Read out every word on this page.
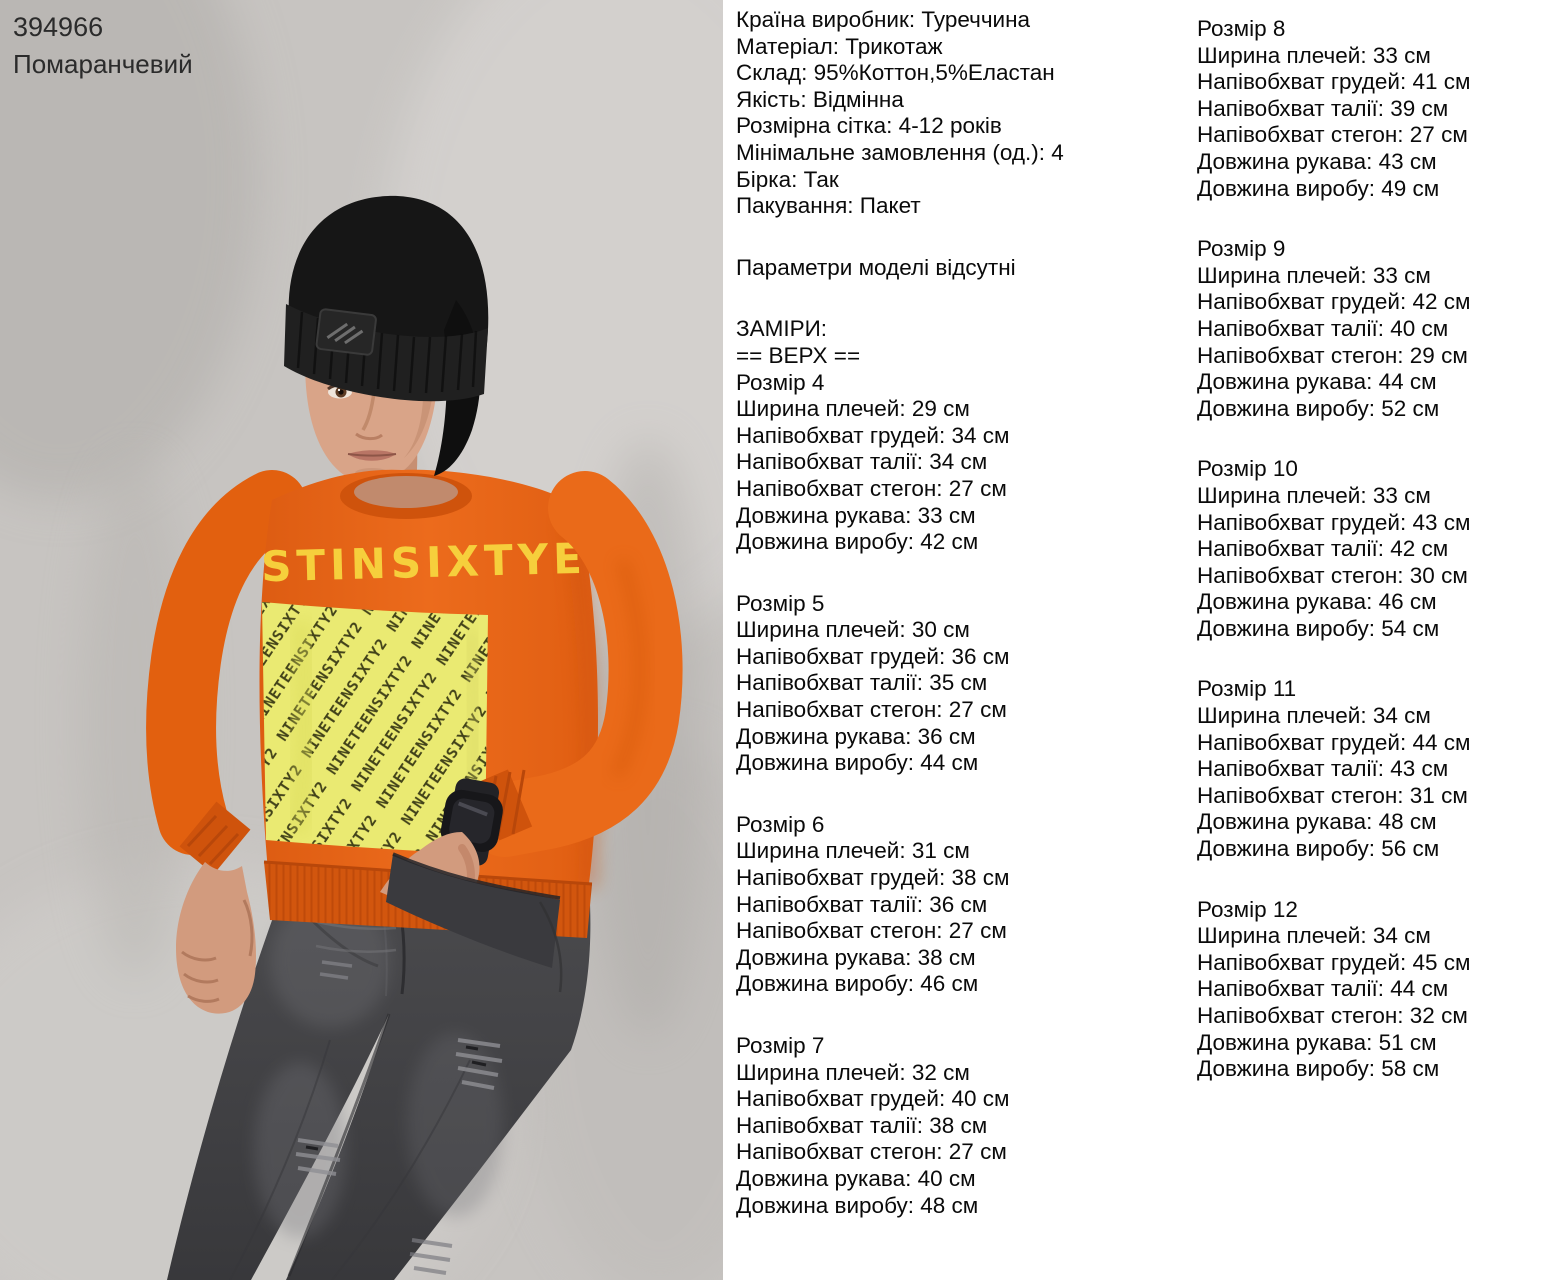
STINSIXTYE
394966
Помаранчевий
Країна виробник: Туреччина
Матеріал: Трикотаж
Склад: 95%Коттон,5%Еластан
Якість: Відмінна
Розмірна сітка: 4-12 років
Мінімальне замовлення (од.): 4
Бірка: Так
Пакування: Пакет
Параметри моделі відсутні
ЗАМІРИ:
== ВЕРХ ==
Розмір 4
Ширина плечей: 29 см
Напівобхват грудей: 34 см
Напівобхват талії: 34 см
Напівобхват стегон: 27 см
Довжина рукава: 33 см
Довжина виробу: 42 см
Розмір 5
Ширина плечей: 30 см
Напівобхват грудей: 36 см
Напівобхват талії: 35 см
Напівобхват стегон: 27 см
Довжина рукава: 36 см
Довжина виробу: 44 см
Розмір 6
Ширина плечей: 31 см
Напівобхват грудей: 38 см
Напівобхват талії: 36 см
Напівобхват стегон: 27 см
Довжина рукава: 38 см
Довжина виробу: 46 см
Розмір 7
Ширина плечей: 32 см
Напівобхват грудей: 40 см
Напівобхват талії: 38 см
Напівобхват стегон: 27 см
Довжина рукава: 40 см
Довжина виробу: 48 см
Розмір 8
Ширина плечей: 33 см
Напівобхват грудей: 41 см
Напівобхват талії: 39 см
Напівобхват стегон: 27 см
Довжина рукава: 43 см
Довжина виробу: 49 см
Розмір 9
Ширина плечей: 33 см
Напівобхват грудей: 42 см
Напівобхват талії: 40 см
Напівобхват стегон: 29 см
Довжина рукава: 44 см
Довжина виробу: 52 см
Розмір 10
Ширина плечей: 33 см
Напівобхват грудей: 43 см
Напівобхват талії: 42 см
Напівобхват стегон: 30 см
Довжина рукава: 46 см
Довжина виробу: 54 см
Розмір 11
Ширина плечей: 34 см
Напівобхват грудей: 44 см
Напівобхват талії: 43 см
Напівобхват стегон: 31 см
Довжина рукава: 48 см
Довжина виробу: 56 см
Розмір 12
Ширина плечей: 34 см
Напівобхват грудей: 45 см
Напівобхват талії: 44 см
Напівобхват стегон: 32 см
Довжина рукава: 51 см
Довжина виробу: 58 см
